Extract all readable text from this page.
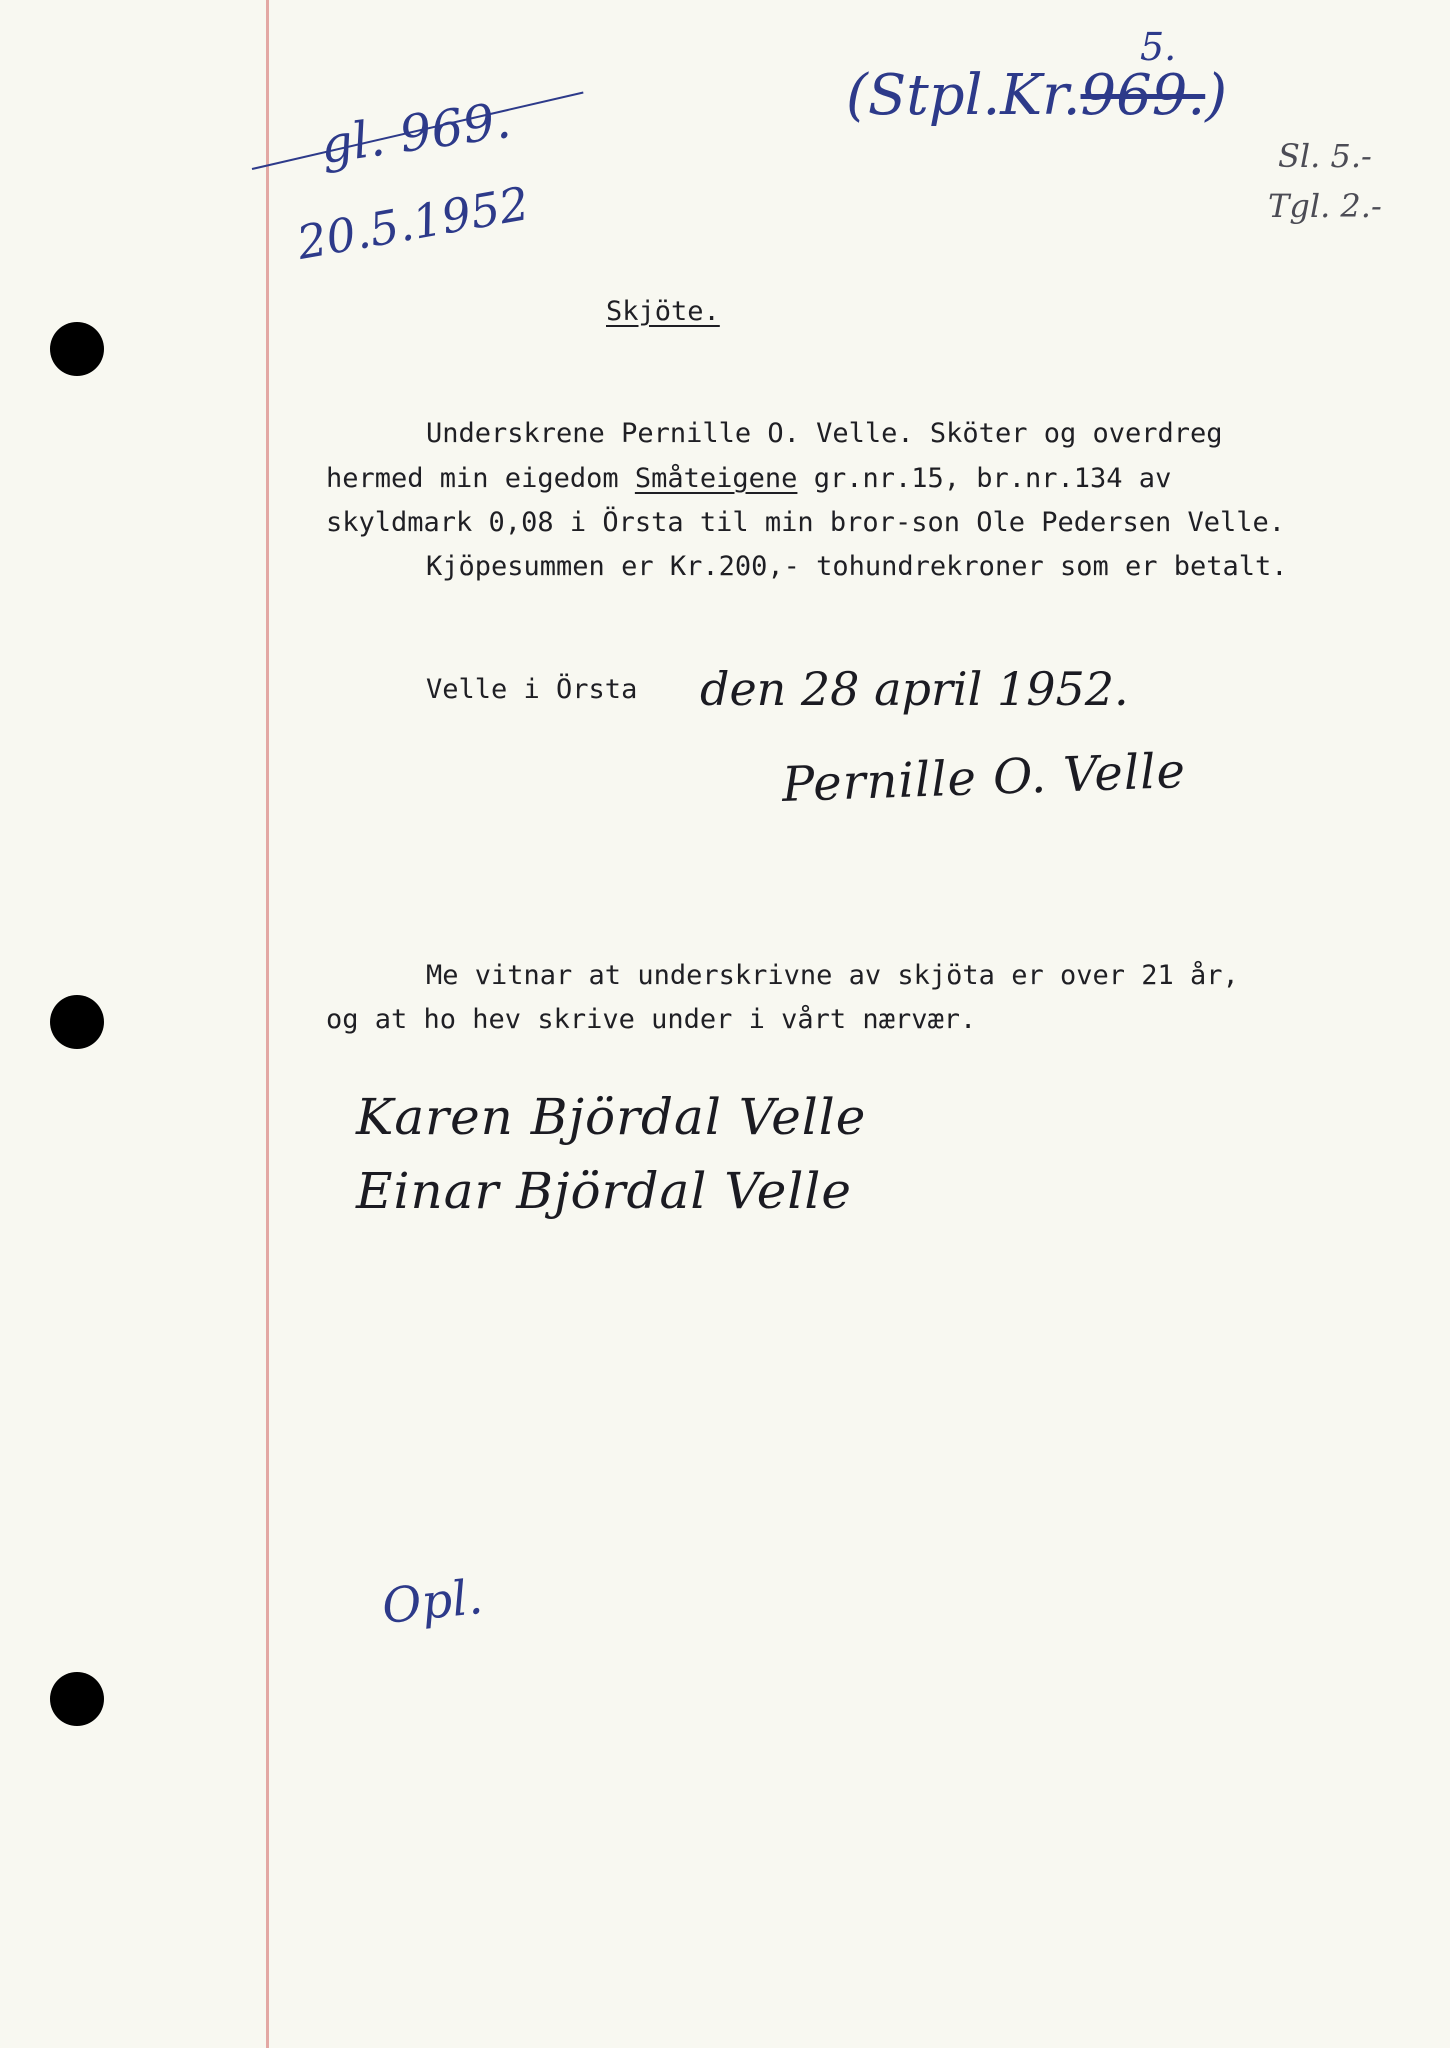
gl. 969.
20.5.1952
(Stpl.Kr.969.)
5.
Sl. 5.-
Tgl. 2.-
Skjöte.
Underskrene Pernille O. Velle. Sköter og overdreg
hermed min eigedom Småteigene gr.nr.15, br.nr.134 av
skyldmark 0,08 i Örsta til min bror-son Ole Pedersen Velle.
Kjöpesummen er Kr.200,- tohundrekroner som er betalt.
Velle i Örsta den 28 april 1952.
Pernille O. Velle
Me vitnar at underskrivne av skjöta er over 21 år,
og at ho hev skrive under i vårt nærvær.
Karen Björdal Velle
Einar Björdal Velle
Opl.
